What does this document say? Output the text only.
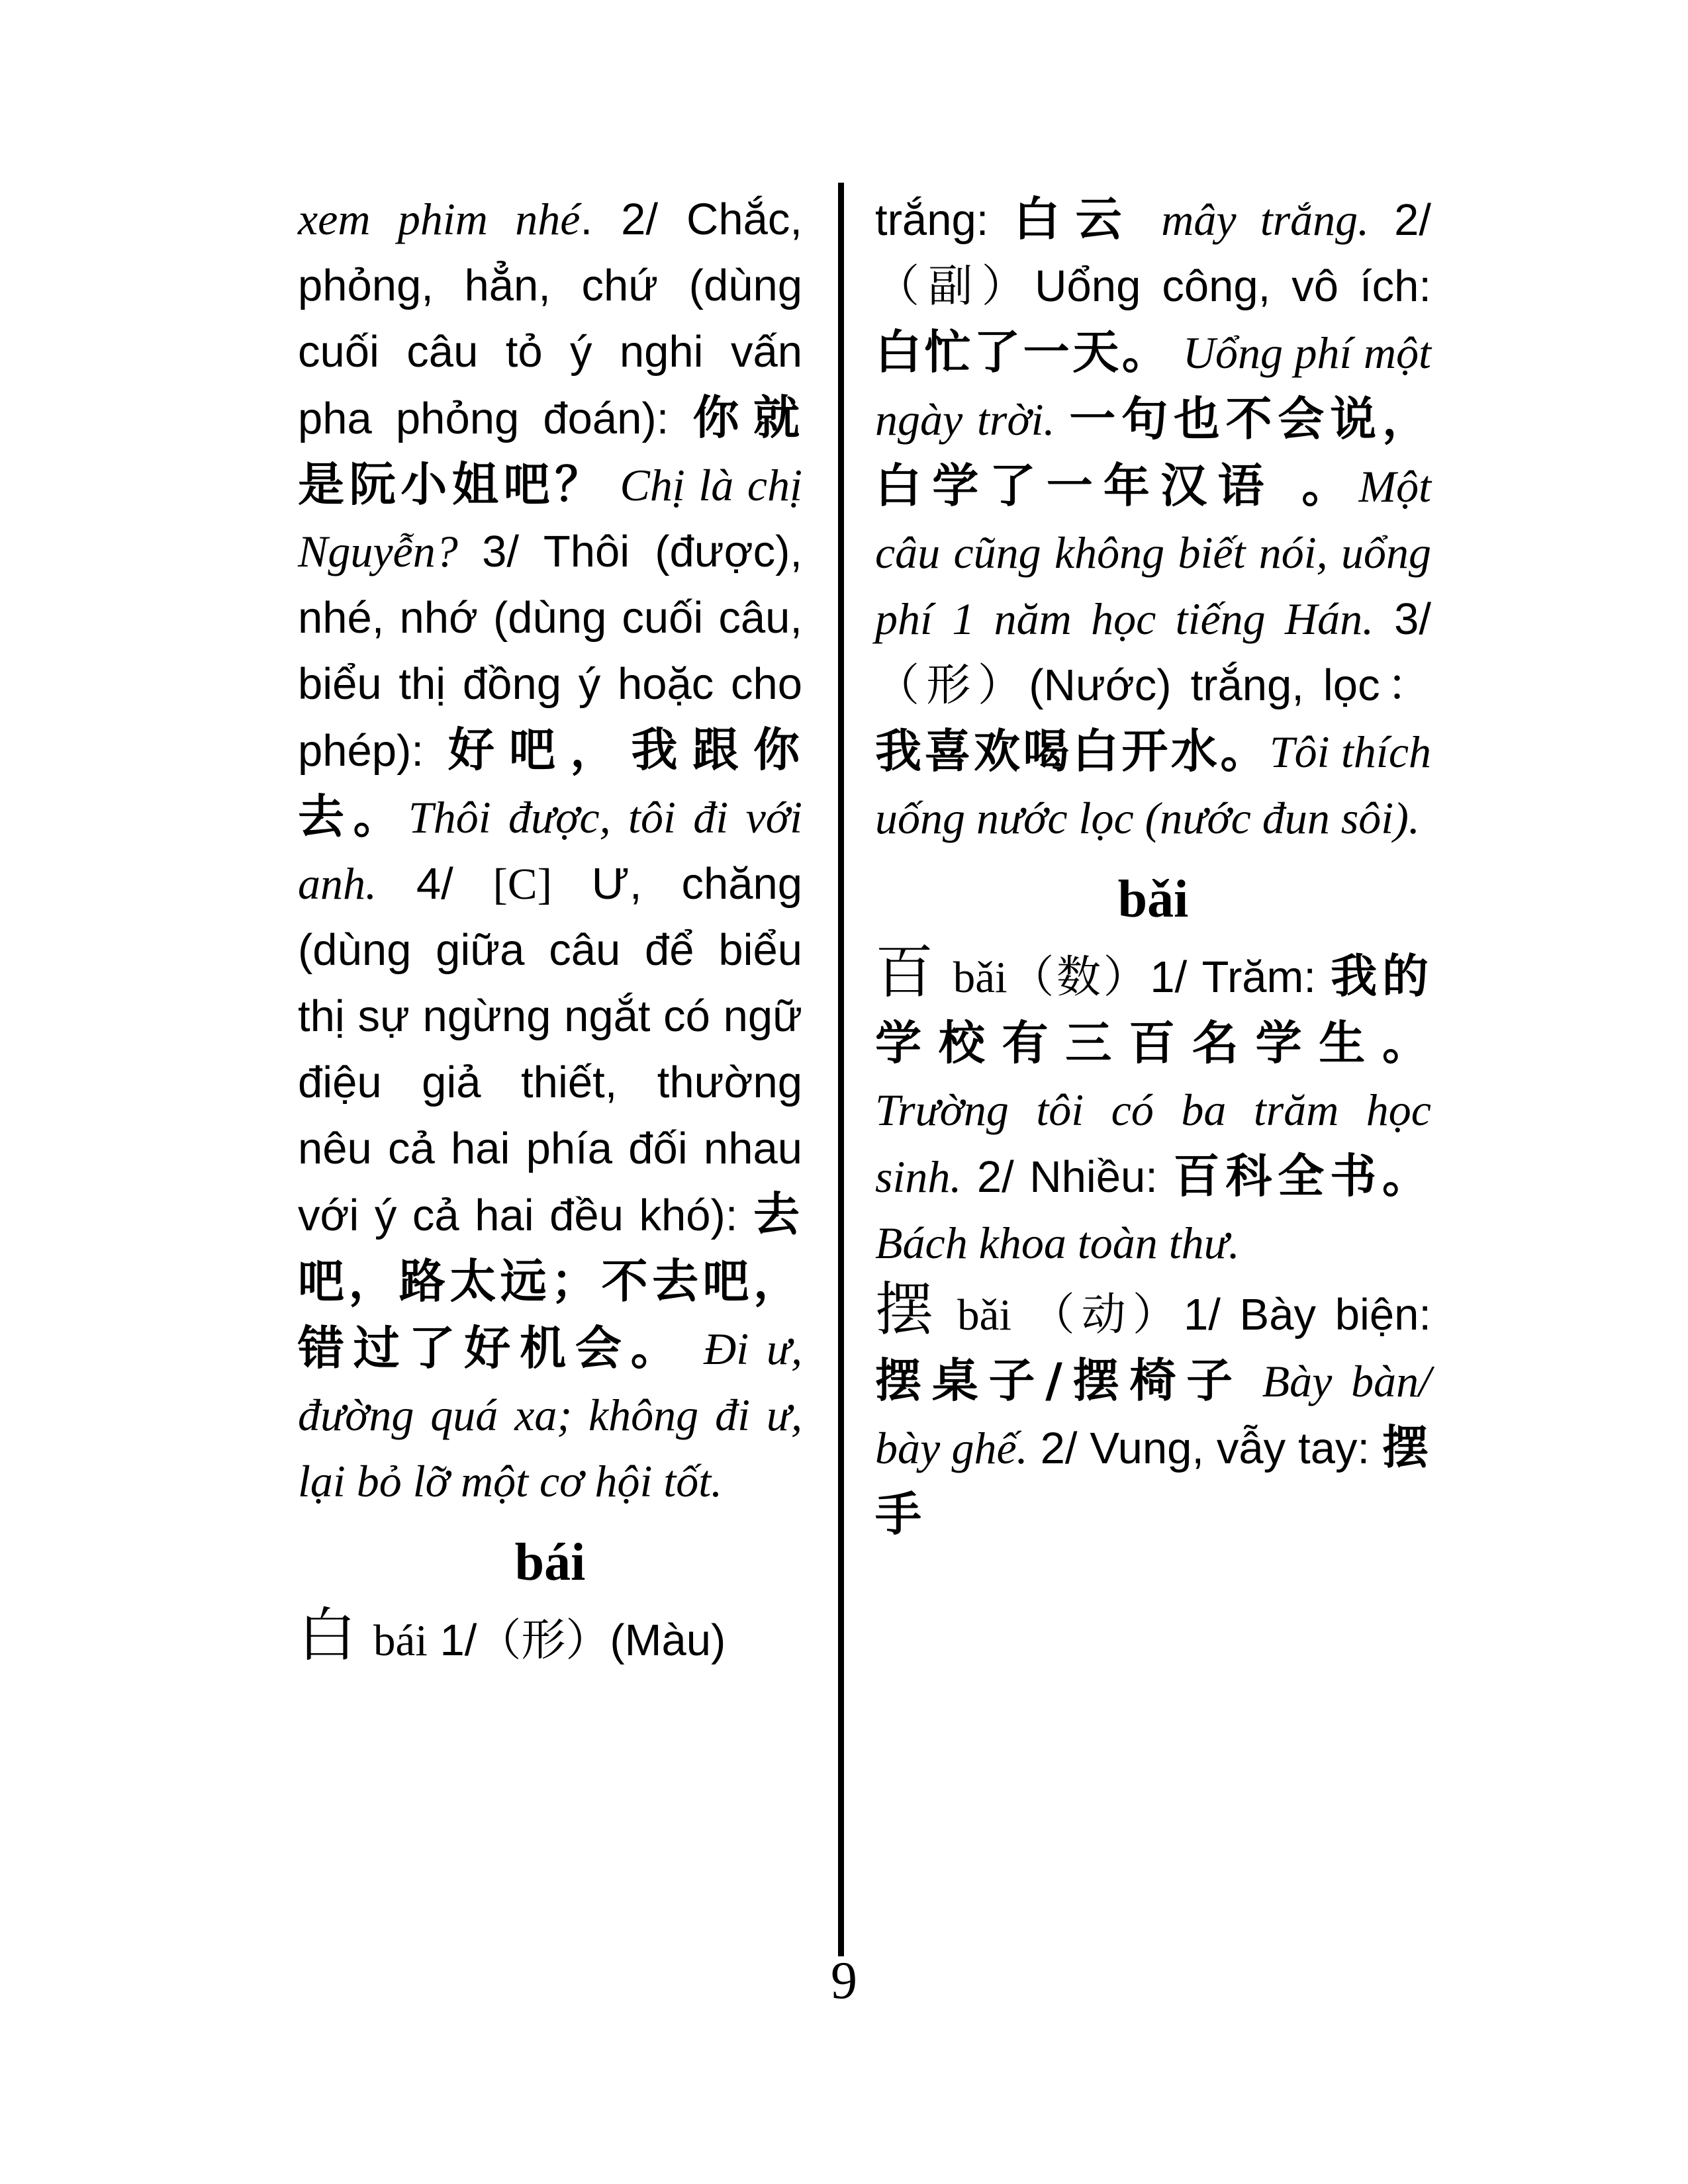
xem phim nhé. 2/ Chắc, phỏng, hẳn, chứ (dùng cuối câu tỏ ý nghi vấn pha phỏng đoán): 你就是阮小姐吧？ Chị là chị Nguyễn? 3/ Thôi (được), nhé, nhớ (dùng cuối câu, biểu thị đồng ý hoặc cho phép): 好吧，我跟你去。Thôi được, tôi đi với anh. 4/ [C] Ư, chăng (dùng giữa câu để biểu thị sự ngừng ngắt có ngữ điệu giả thiết, thường nêu cả hai phía đối nhau với ý cả hai đều khó): 去吧，路太远；不去吧，错过了好机会。 Đi ư, đường quá xa; không đi ư, lại bỏ lỡ một cơ hội tốt.

bái

白 bái 1/（形）(Màu)

trắng: 白云 mây trắng. 2/（副）Uổng công, vô ích: 白忙了一天。 Uổng phí một ngày trời. 一句也不会说，白学了一年汉语 。Một câu cũng không biết nói, uổng phí 1 năm học tiếng Hán. 3/ （形）(Nước) trắng, lọc：我喜欢喝白开水。Tôi thích uống nước lọc (nước đun sôi).

bǎi

百 bǎi（数）1/ Trăm: 我的学校有三百名学生。Trường tôi có ba trăm học sinh. 2/ Nhiều: 百科全书。Bách khoa toàn thư.

摆 bǎi （动）1/ Bày biện: 摆桌子/摆椅子 Bày bàn/ bày ghế. 2/ Vung, vẫy tay: 摆手

9
